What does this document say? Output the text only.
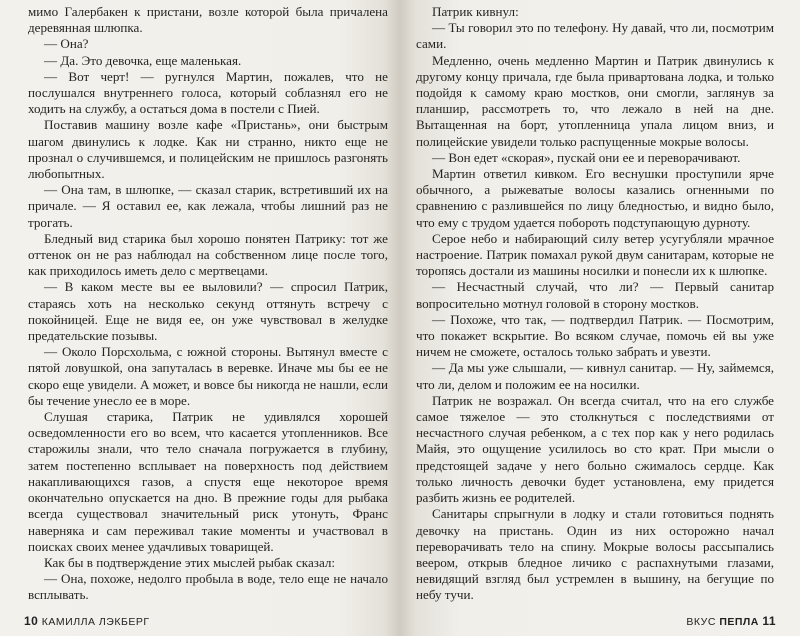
мимо Галербакен к пристани, возле которой была причалена деревянная шлюпка.

— Она?

— Да. Это девочка, еще маленькая.

— Вот черт! — ругнулся Мартин, пожалев, что не послушался внутреннего голоса, который соблазнял его не ходить на службу, а остаться дома в постели с Пией.

Поставив машину возле кафе «Пристань», они быстрым шагом двинулись к лодке. Как ни странно, никто еще не прознал о случившемся, и полицейским не пришлось разгонять любопытных.

— Она там, в шлюпке, — сказал старик, встретивший их на причале. — Я оставил ее, как лежала, чтобы лишний раз не трогать.

Бледный вид старика был хорошо понятен Патрику: тот же оттенок он не раз наблюдал на собственном лице после того, как приходилось иметь дело с мертвецами.

— В каком месте вы ее выловили? — спросил Патрик, стараясь хоть на несколько секунд оттянуть встречу с покойницей. Еще не видя ее, он уже чувствовал в желудке предательские позывы.

— Около Порсхольма, с южной стороны. Вытянул вместе с пятой ловушкой, она запуталась в веревке. Иначе мы бы ее не скоро еще увидели. А может, и вовсе бы никогда не нашли, если бы течение унесло ее в море.

Слушая старика, Патрик не удивлялся хорошей осведомленности его во всем, что касается утопленников. Все старожилы знали, что тело сначала погружается в глубину, затем постепенно всплывает на поверхность под действием накапливающихся газов, а спустя еще некоторое время окончательно опускается на дно. В прежние годы для рыбака всегда существовал значительный риск утонуть, Франс наверняка и сам переживал такие моменты и участвовал в поисках своих менее удачливых товарищей.

Как бы в подтверждение этих мыслей рыбак сказал:

— Она, похоже, недолго пробыла в воде, тело еще не начало всплывать.

10 КАМИЛЛА ЛЭКБЕРГ

Патрик кивнул:

— Ты говорил это по телефону. Ну давай, что ли, посмотрим сами.

Медленно, очень медленно Мартин и Патрик двинулись к другому концу причала, где была привартована лодка, и только подойдя к самому краю мостков, они смогли, заглянув за планшир, рассмотреть то, что лежало в ней на дне. Вытащенная на борт, утопленница упала лицом вниз, и полицейские увидели только распущенные мокрые волосы.

— Вон едет «скорая», пускай они ее и переворачивают.

Мартин ответил кивком. Его веснушки проступили ярче обычного, а рыжеватые волосы казались огненными по сравнению с разлившейся по лицу бледностью, и видно было, что ему с трудом удается побороть подступающую дурноту.

Серое небо и набирающий силу ветер усугубляли мрачное настроение. Патрик помахал рукой двум санитарам, которые не торопясь достали из машины носилки и понесли их к шлюпке.

— Несчастный случай, что ли? — Первый санитар вопросительно мотнул головой в сторону мостков.

— Похоже, что так, — подтвердил Патрик. — Посмотрим, что покажет вскрытие. Во всяком случае, помочь ей вы уже ничем не сможете, осталось только забрать и увезти.

— Да мы уже слышали, — кивнул санитар. — Ну, займемся, что ли, делом и положим ее на носилки.

Патрик не возражал. Он всегда считал, что на его службе самое тяжелое — это столкнуться с последствиями от несчастного случая ребенком, а с тех пор как у него родилась Майя, это ощущение усилилось во сто крат. При мысли о предстоящей задаче у него больно сжималось сердце. Как только личность девочки будет установлена, ему придется разбить жизнь ее родителей.

Санитары спрыгнули в лодку и стали готовиться поднять девочку на пристань. Один из них осторожно начал переворачивать тело на спину. Мокрые волосы рассыпались веером, открыв бледное личико с распахнутыми глазами, невидящий взгляд был устремлен в вышину, на бегущие по небу тучи.

ВКУС ПЕПЛА 11
